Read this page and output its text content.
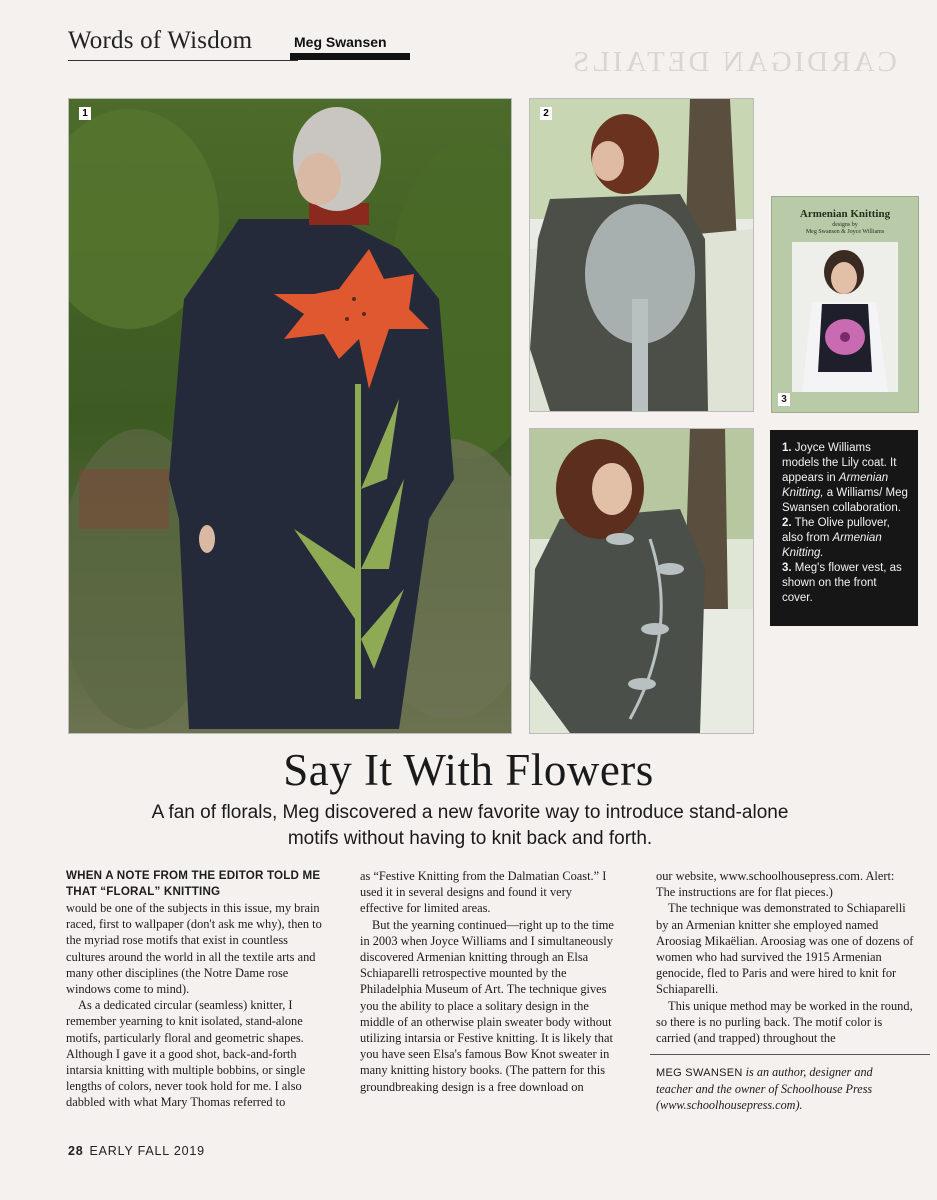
CARDIGAN DETAILS
Words of Wisdom	Meg Swansen
1	2
Armenian Knitting
designs by
Meg Swansen & Joyce Williams
3

1. Joyce Williams models the Lily coat. It appears in Armenian Knitting, a Williams/ Meg Swansen collaboration.

2. The Olive pullover, also from Armenian Knitting.

3. Meg's flower vest, as shown on the front cover.

Say It With Flowers
A fan of florals, Meg discovered a new favorite way to introduce stand-alone motifs without having to knit back and forth.
WHEN A NOTE FROM THE EDITOR TOLD ME THAT “FLORAL” KNITTING

would be one of the subjects in this issue, my brain raced, first to wallpaper (don't ask me why), then to the myriad rose motifs that exist in countless cultures around the world in all the textile arts and many other disciplines (the Notre Dame rose windows come to mind).

As a dedicated circular (seamless) knitter, I remember yearning to knit isolated, stand-alone motifs, particularly floral and geometric shapes. Although I gave it a good shot, back-and-forth intarsia knitting with multiple bobbins, or single lengths of colors, never took hold for me. I also dabbled with what Mary Thomas referred to

as “Festive Knitting from the Dalmatian Coast.” I used it in several designs and found it very effective for limited areas.

But the yearning continued—right up to the time in 2003 when Joyce Williams and I simultaneously discovered Armenian knitting through an Elsa Schiaparelli retrospective mounted by the Philadelphia Museum of Art. The technique gives you the ability to place a solitary design in the middle of an otherwise plain sweater body without utilizing intarsia or Festive knitting. It is likely that you have seen Elsa's famous Bow Knot sweater in many knitting history books. (The pattern for this groundbreaking design is a free download on

our website, www.schoolhousepress.com. Alert: The instructions are for flat pieces.)

The technique was demonstrated to Schiaparelli by an Armenian knitter she employed named Aroosiag Mikaëlian. Aroosiag was one of dozens of women who had survived the 1915 Armenian genocide, fled to Paris and were hired to knit for Schiaparelli.

This unique method may be worked in the round, so there is no purling back. The motif color is carried (and trapped) throughout the

MEG SWANSEN is an author, designer and teacher and the owner of Schoolhouse Press (www.schoolhousepress.com).
28 EARLY FALL 2019
